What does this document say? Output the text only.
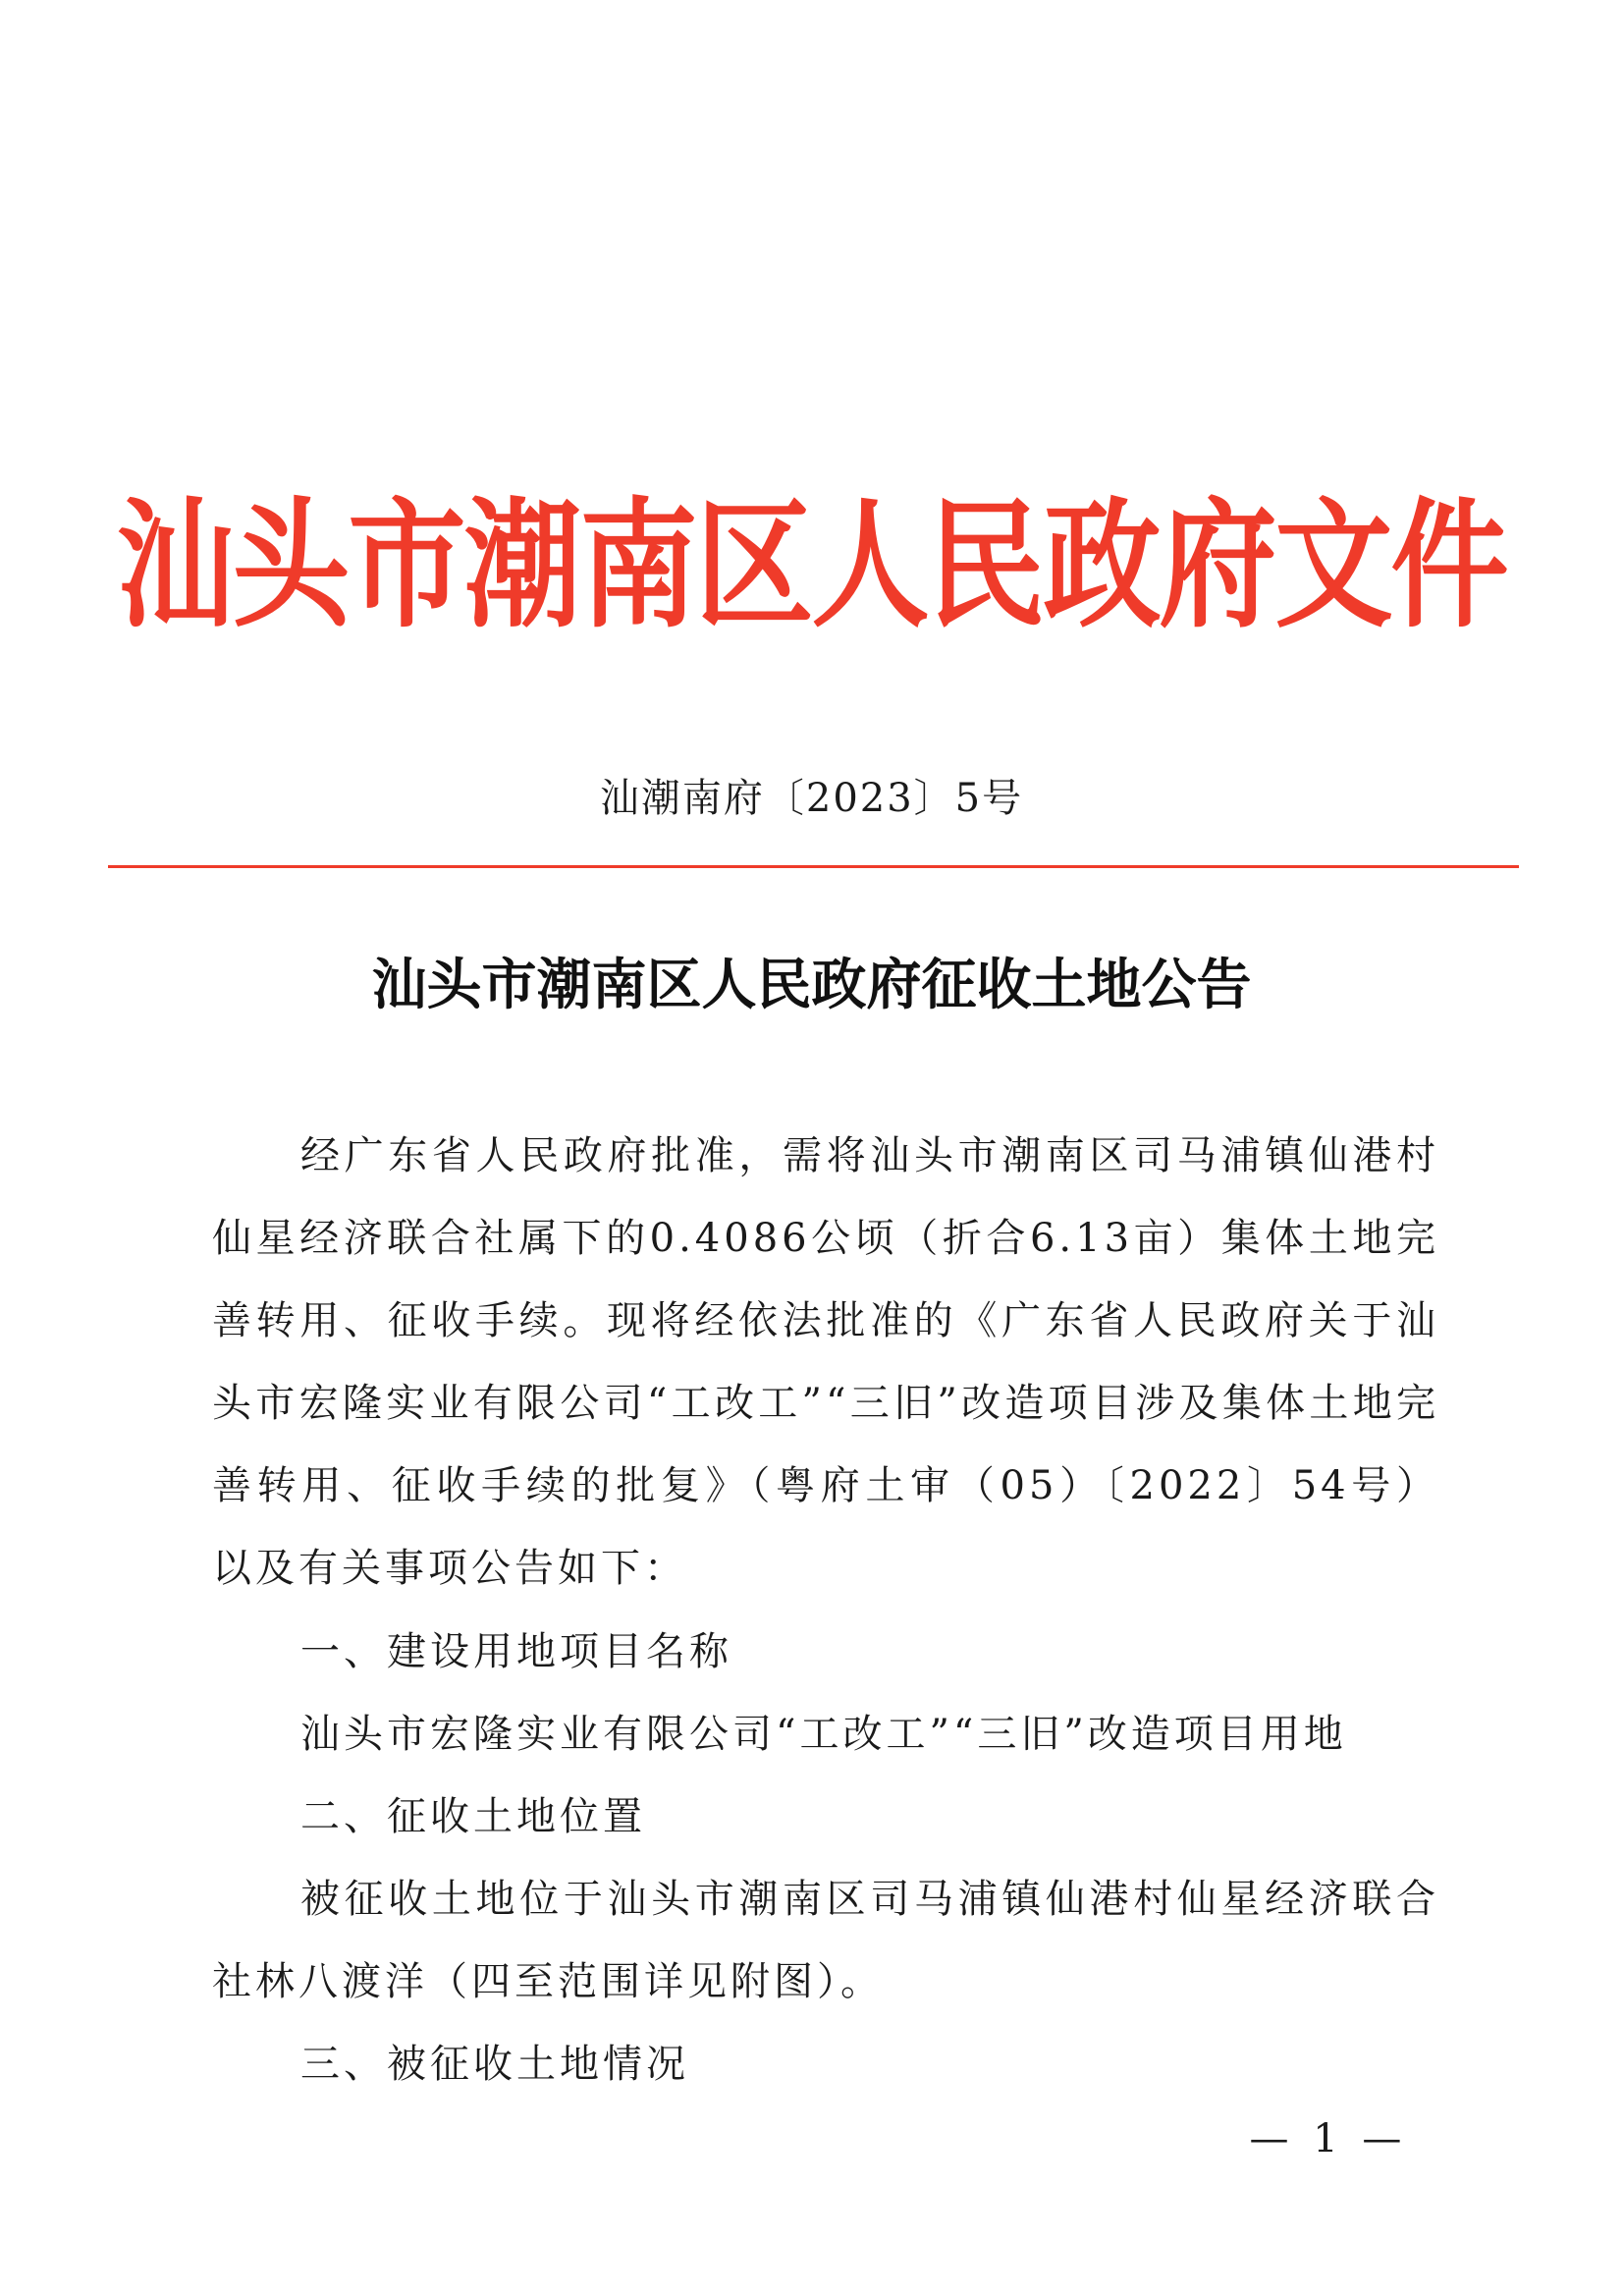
汕头市潮南区人民政府文件
汕潮南府〔2023〕5号
汕头市潮南区人民政府征收土地公告
经广东省人民政府批准，需将汕头市潮南区司马浦镇仙港村仙星经济联合社属下的0.4086公顷（折合6.13亩）集体土地完善转用、征收手续。现将经依法批准的《广东省人民政府关于汕头市宏隆实业有限公司“工改工”“三旧”改造项目涉及集体土地完善转用、征收手续的批复》（粤府土审（05）〔2022〕54号）以及有关事项公告如下：
一、建设用地项目名称
汕头市宏隆实业有限公司“工改工”“三旧”改造项目用地
二、征收土地位置
被征收土地位于汕头市潮南区司马浦镇仙港村仙星经济联合社林八渡洋（四至范围详见附图）。
三、被征收土地情况
— 1 —
